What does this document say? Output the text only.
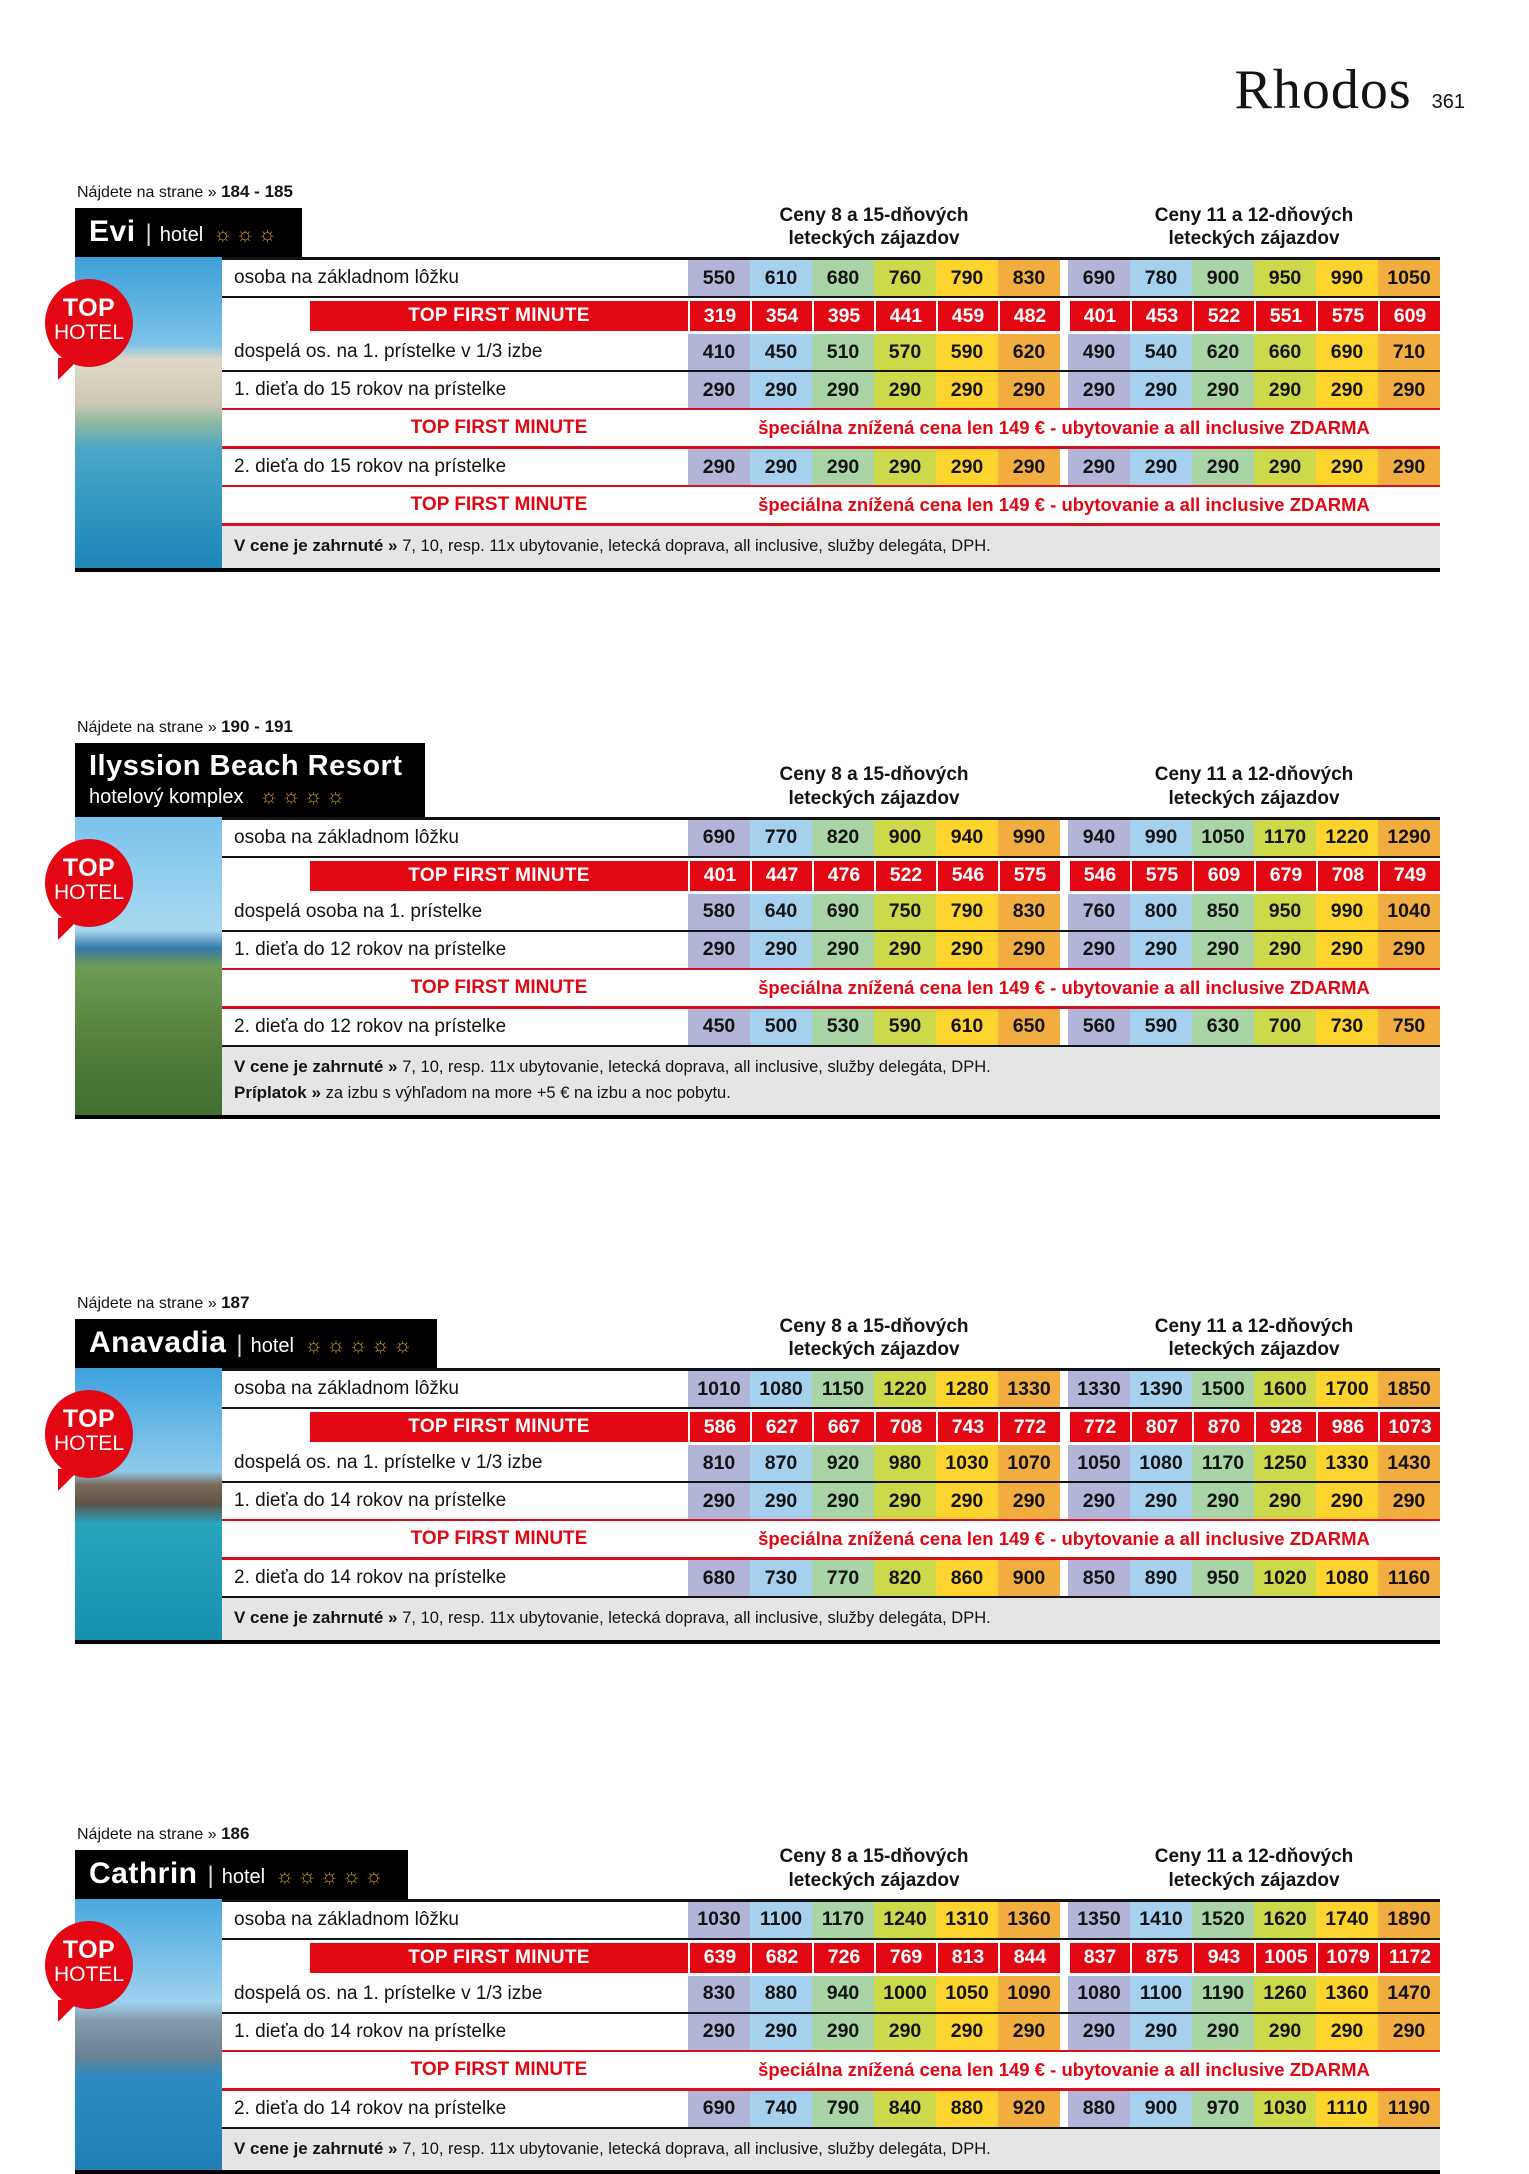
Rhodos 361
Nájdete na strane » 184 - 185
Evi | hotel ☼☼☼
Ceny 8 a 15-dňových
leteckých zájazdov
Ceny 11 a 12-dňových
leteckých zájazdov
TOP
HOTEL
osoba na základnom lôžku	550	610	680	760	790	830	690	780	900	950	990	1050
TOP FIRST MINUTE	319	354	395	441	459	482	401	453	522	551	575	609
dospelá os. na 1. prístelke v 1/3 izbe	410	450	510	570	590	620	490	540	620	660	690	710
1. dieťa do 15 rokov na prístelke	290	290	290	290	290	290	290	290	290	290	290	290
TOP FIRST MINUTE	špeciálna znížená cena len 149 € - ubytovanie a all inclusive ZDARMA
2. dieťa do 15 rokov na prístelke	290	290	290	290	290	290	290	290	290	290	290	290
TOP FIRST MINUTE	špeciálna znížená cena len 149 € - ubytovanie a all inclusive ZDARMA
V cene je zahrnuté » 7, 10, resp. 11x ubytovanie, letecká doprava, all inclusive, služby delegáta, DPH.
Nájdete na strane » 190 - 191
Ilyssion Beach Resort
hotelový komplex ☼☼☼☼
Ceny 8 a 15-dňových
leteckých zájazdov
Ceny 11 a 12-dňových
leteckých zájazdov
TOP
HOTEL
osoba na základnom lôžku	690	770	820	900	940	990	940	990	1050 1170 1220 1290
TOP FIRST MINUTE	401	447	476	522	546	575	546	575	609	679	708	749
dospelá osoba na 1. prístelke	580	640	690	750	790	830	760	800	850	950	990	1040
1. dieťa do 12 rokov na prístelke	290	290	290	290	290	290	290	290	290	290	290	290
TOP FIRST MINUTE	špeciálna znížená cena len 149 € - ubytovanie a all inclusive ZDARMA
2. dieťa do 12 rokov na prístelke	450	500	530	590	610	650	560	590	630	700	730	750
V cene je zahrnuté » 7, 10, resp. 11x ubytovanie, letecká doprava, all inclusive, služby delegáta, DPH.
Príplatok » za izbu s výhľadom na more +5 € na izbu a noc pobytu.
Nájdete na strane » 187
Anavadia | hotel ☼☼☼☼☼
Ceny 8 a 15-dňových
leteckých zájazdov
Ceny 11 a 12-dňových
leteckých zájazdov
TOP
HOTEL
osoba na základnom lôžku	1010 1080 1150 1220 1280 1330	1330 1390 1500 1600 1700 1850
TOP FIRST MINUTE	586	627	667	708	743	772	772	807	870	928	986	1073
dospelá os. na 1. prístelke v 1/3 izbe	810	870	920	980	1030 1070	1050 1080 1170 1250 1330 1430
1. dieťa do 14 rokov na prístelke	290	290	290	290	290	290	290	290	290	290	290	290
TOP FIRST MINUTE	špeciálna znížená cena len 149 € - ubytovanie a all inclusive ZDARMA
2. dieťa do 14 rokov na prístelke	680	730	770	820	860	900	850	890	950	1020 1080 1160
V cene je zahrnuté » 7, 10, resp. 11x ubytovanie, letecká doprava, all inclusive, služby delegáta, DPH.
Nájdete na strane » 186
Cathrin | hotel ☼☼☼☼☼
Ceny 8 a 15-dňových
leteckých zájazdov
Ceny 11 a 12-dňových
leteckých zájazdov
TOP
HOTEL
osoba na základnom lôžku	1030 1100	1170 1240 1310 1360	1350 1410 1520 1620 1740 1890
TOP FIRST MINUTE	639	682	726	769	813	844	837	875	943	1005 1079 1172
dospelá os. na 1. prístelke v 1/3 izbe	830	880	940	1000 1050 1090	1080 1100	1190 1260 1360 1470
1. dieťa do 14 rokov na prístelke	290	290	290	290	290	290	290	290	290	290	290	290
TOP FIRST MINUTE	špeciálna znížená cena len 149 € - ubytovanie a all inclusive ZDARMA
2. dieťa do 14 rokov na prístelke	690	740	790	840	880	920	880	900	970	1030	1110	1190
V cene je zahrnuté » 7, 10, resp. 11x ubytovanie, letecká doprava, all inclusive, služby delegáta, DPH.
